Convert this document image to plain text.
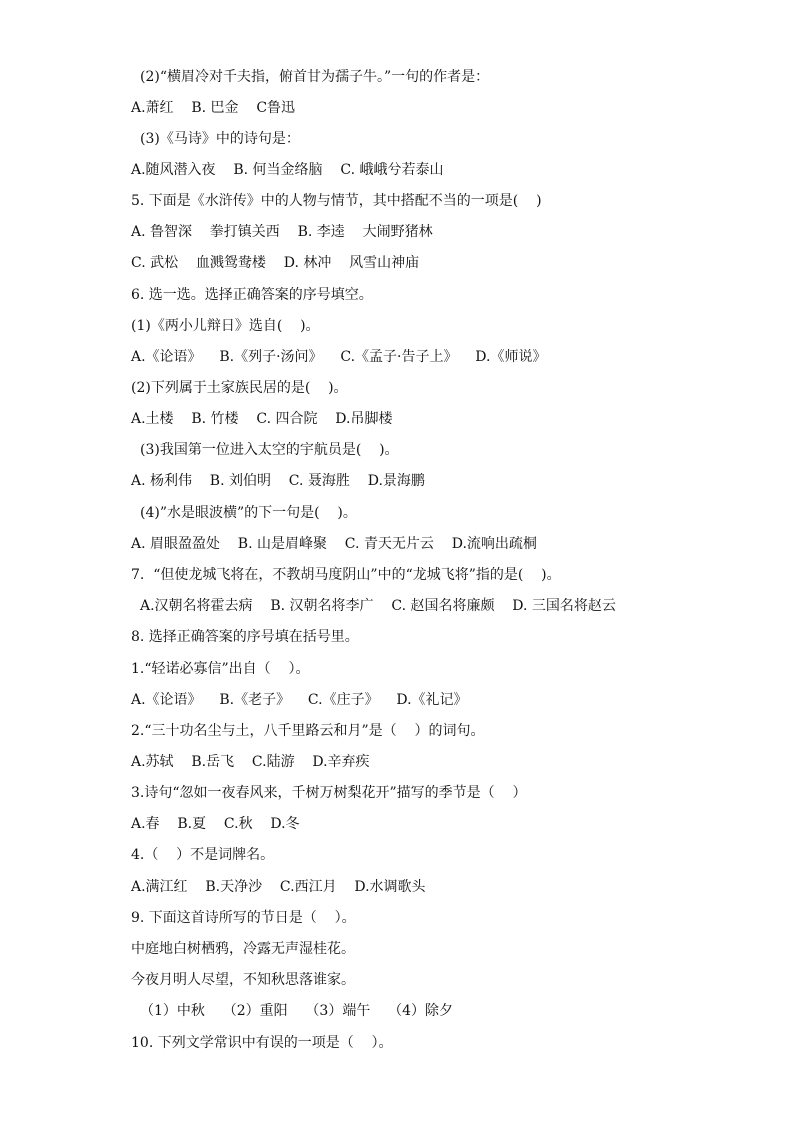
(2)“横眉冷对千夫指，俯首甘为孺子牛。”一句的作者是：
A.萧红    B. 巴金    C鲁迅
(3)《马诗》中的诗句是：
A.随风潜入夜    B. 何当金络脑    C. 峨峨兮若泰山
5. 下面是《水浒传》中的人物与情节，其中搭配不当的一项是(    )
A. 鲁智深    拳打镇关西    B. 李逵    大闹野猪林
C. 武松    血溅鸳鸯楼    D. 林冲    风雪山神庙
6. 选一选。选择正确答案的序号填空。
(1)《两小儿辩日》选自(    )。
A.《论语》    B.《列子·汤问》    C.《孟子·告子上》    D.《师说》
(2)下列属于土家族民居的是(    )。
A.土楼    B. 竹楼    C. 四合院    D.吊脚楼
(3)我国第一位进入太空的宇航员是(    )。
A. 杨利伟    B. 刘伯明    C. 聂海胜    D.景海鹏
(4)”水是眼波横”的下一句是(    )。
A. 眉眼盈盈处    B. 山是眉峰聚    C. 青天无片云    D.流响出疏桐
7.  “但使龙城飞将在，不教胡马度阴山”中的“龙城飞将”指的是(    )。
A.汉朝名将霍去病    B. 汉朝名将李广    C. 赵国名将廉颇    D. 三国名将赵云
8. 选择正确答案的序号填在括号里。
1.“轻诺必寡信”出自（    ）。
A.《论语》    B.《老子》    C.《庄子》    D.《礼记》
2.“三十功名尘与土，八千里路云和月”是（    ）的词句。
A.苏轼    B.岳飞    C.陆游    D.辛弃疾
3.诗句“忽如一夜春风来，千树万树梨花开”描写的季节是（    ）
A.春    B.夏    C.秋    D.冬
4.（    ）不是词牌名。
A.满江红    B.天净沙    C.西江月    D.水调歌头
9. 下面这首诗所写的节日是（    ）。
中庭地白树栖鸦，冷露无声湿桂花。
今夜月明人尽望，不知秋思落谁家。
（1）中秋    （2）重阳    （3）端午    （4）除夕
10. 下列文学常识中有误的一项是（    ）。
